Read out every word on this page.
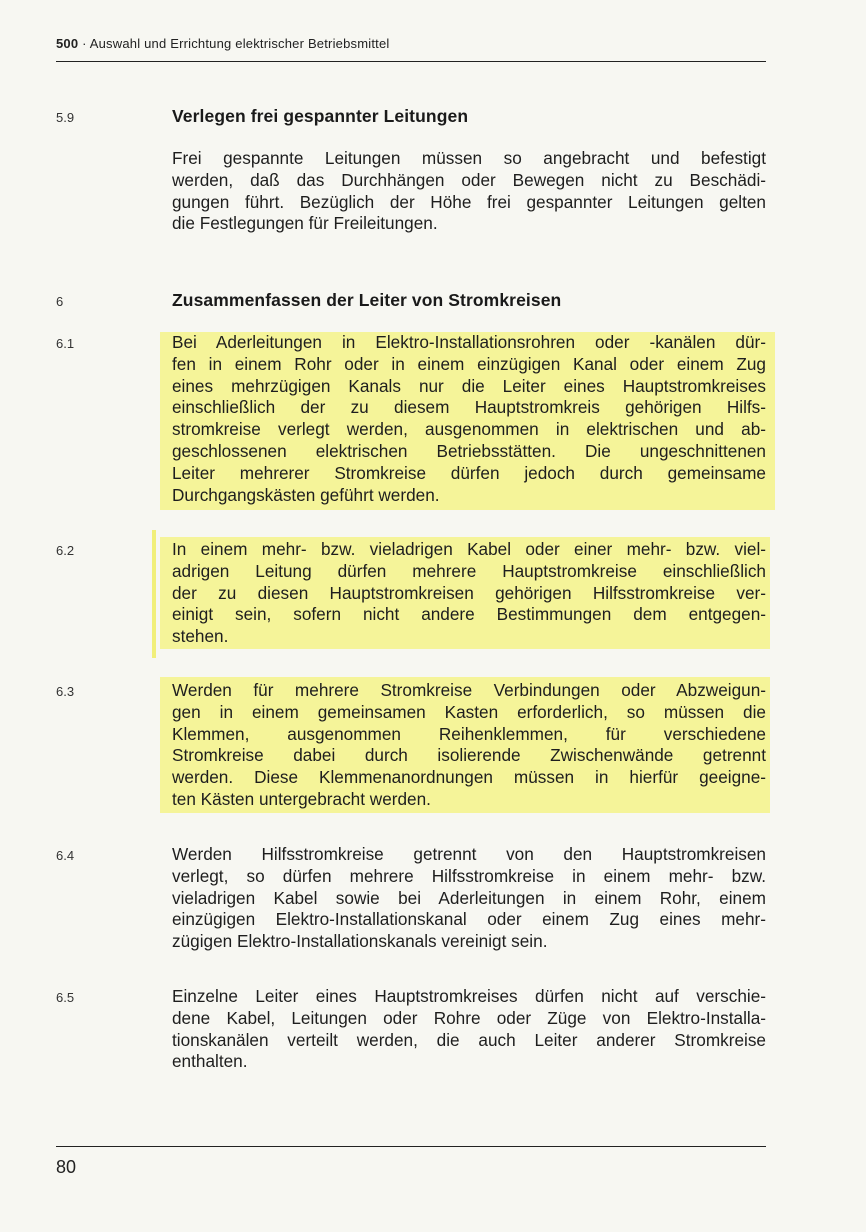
500 · Auswahl und Errichtung elektrischer Betriebsmittel
5.9	Verlegen frei gespannter Leitungen
Frei gespannte Leitungen müssen so angebracht und befestigt
werden, daß das Durchhängen oder Bewegen nicht zu Beschädi-
gungen führt. Bezüglich der Höhe frei gespannter Leitungen gelten
die Festlegungen für Freileitungen.
6	Zusammenfassen der Leiter von Stromkreisen
6.1	Bei Aderleitungen in Elektro-Installationsrohren oder -kanälen dür-
fen in einem Rohr oder in einem einzügigen Kanal oder einem Zug
eines mehrzügigen Kanals nur die Leiter eines Hauptstromkreises
einschließlich der zu diesem Hauptstromkreis gehörigen Hilfs-
stromkreise verlegt werden, ausgenommen in elektrischen und ab-
geschlossenen elektrischen Betriebsstätten. Die ungeschnittenen
Leiter mehrerer Stromkreise dürfen jedoch durch gemeinsame
Durchgangskästen geführt werden.
6.2	In einem mehr- bzw. vieladrigen Kabel oder einer mehr- bzw. viel-
adrigen Leitung dürfen mehrere Hauptstromkreise einschließlich
der zu diesen Hauptstromkreisen gehörigen Hilfsstromkreise ver-
einigt sein, sofern nicht andere Bestimmungen dem entgegen-
stehen.
6.3	Werden für mehrere Stromkreise Verbindungen oder Abzweigun-
gen in einem gemeinsamen Kasten erforderlich, so müssen die
Klemmen, ausgenommen Reihenklemmen, für verschiedene
Stromkreise dabei durch isolierende Zwischenwände getrennt
werden. Diese Klemmenanordnungen müssen in hierfür geeigne-
ten Kästen untergebracht werden.
6.4	Werden Hilfsstromkreise getrennt von den Hauptstromkreisen
verlegt, so dürfen mehrere Hilfsstromkreise in einem mehr- bzw.
vieladrigen Kabel sowie bei Aderleitungen in einem Rohr, einem
einzügigen Elektro-Installationskanal oder einem Zug eines mehr-
zügigen Elektro-Installationskanals vereinigt sein.
6.5	Einzelne Leiter eines Hauptstromkreises dürfen nicht auf verschie-
dene Kabel, Leitungen oder Rohre oder Züge von Elektro-Installa-
tionskanälen verteilt werden, die auch Leiter anderer Stromkreise
enthalten.
80
